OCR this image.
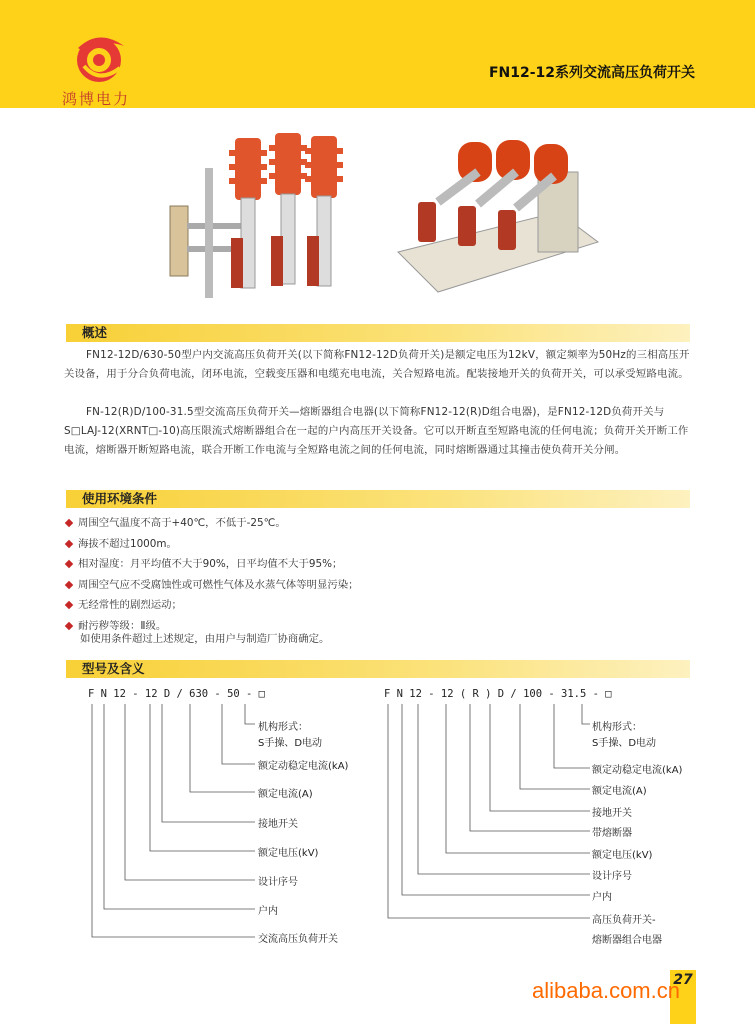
鸿博电力
FN12-12系列交流高压负荷开关
概述
FN12-12D/630-50型户内交流高压负荷开关(以下简称FN12-12D负荷开关)是额定电压为12kV，额定频率为50Hz的三相高压开关设备，用于分合负荷电流，闭环电流，空载变压器和电缆充电电流，关合短路电流。配装接地开关的负荷开关，可以承受短路电流。
FN-12(R)D/100-31.5型交流高压负荷开关—熔断器组合电器(以下简称FN12-12(R)D组合电器)，是FN12-12D负荷开关与S□LAJ-12(XRNT□-10)高压限流式熔断器组合在一起的户内高压开关设备。它可以开断直至短路电流的任何电流；负荷开关开断工作电流，熔断器开断短路电流，联合开断工作电流与全短路电流之间的任何电流，同时熔断器通过其撞击使负荷开关分闸。
使用环境条件
周围空气温度不高于+40℃，不低于-25℃。
海拔不超过1000m。
相对湿度：月平均值不大于90%，日平均值不大于95%；
周围空气应不受腐蚀性或可燃性气体及水蒸气体等明显污染；
无经常性的剧烈运动；
耐污秽等级：Ⅱ级。
如使用条件超过上述规定，由用户与制造厂协商确定。
型号及含义
F N 12 - 12 D / 630 - 50 - □
机构形式：
S手操、D电动
额定动稳定电流(kA)
额定电流(A)
接地开关
额定电压(kV)
设计序号
户内
交流高压负荷开关
F N 12 - 12 ( R ) D / 100 - 31.5 - □
机构形式：
S手操、D电动
额定动稳定电流(kA)
额定电流(A)
接地开关
带熔断器
额定电压(kV)
设计序号
户内
高压负荷开关-
熔断器组合电器
27
alibaba.com.cn
